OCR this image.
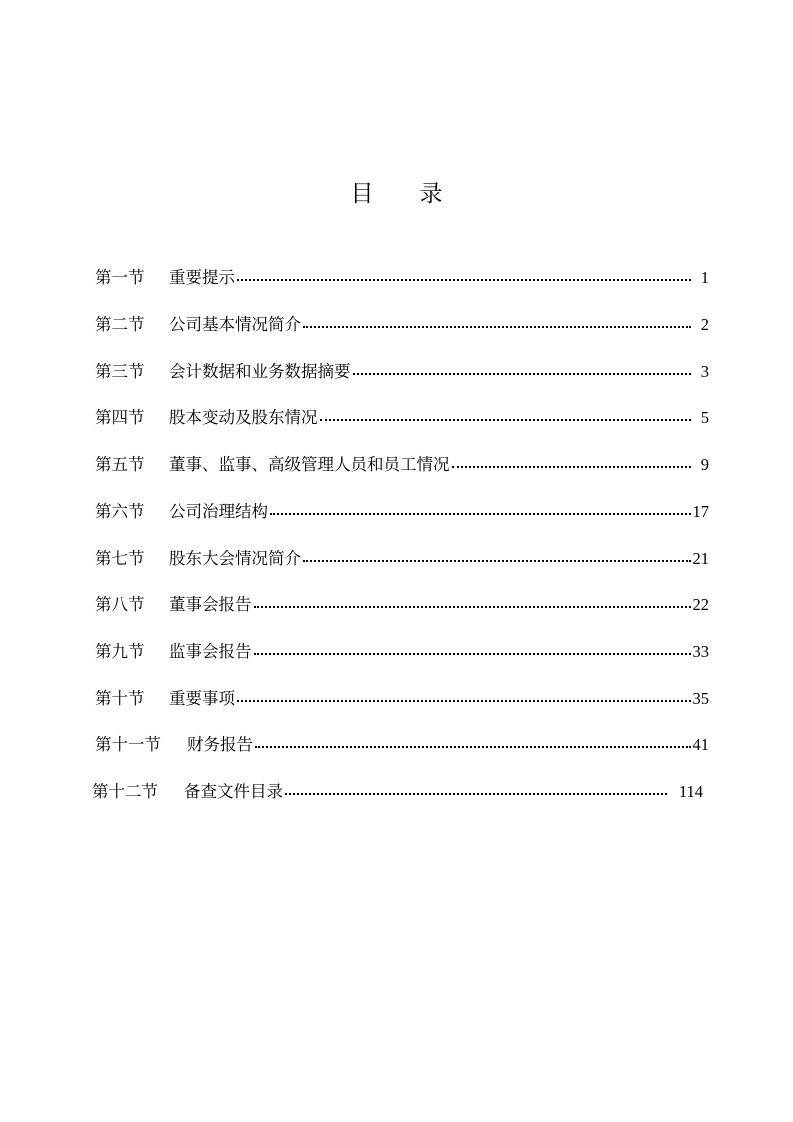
目 录
第一节	重要提示	1
第二节	公司基本情况简介	2
第三节	会计数据和业务数据摘要	3
第四节	股本变动及股东情况	5
第五节	董事、监事、高级管理人员和员工情况	9
第六节	公司治理结构	17
第七节	股东大会情况简介	21
第八节	董事会报告	22
第九节	监事会报告	33
第十节	重要事项	35
第十一节	财务报告	41
第十二节	备查文件目录	114
